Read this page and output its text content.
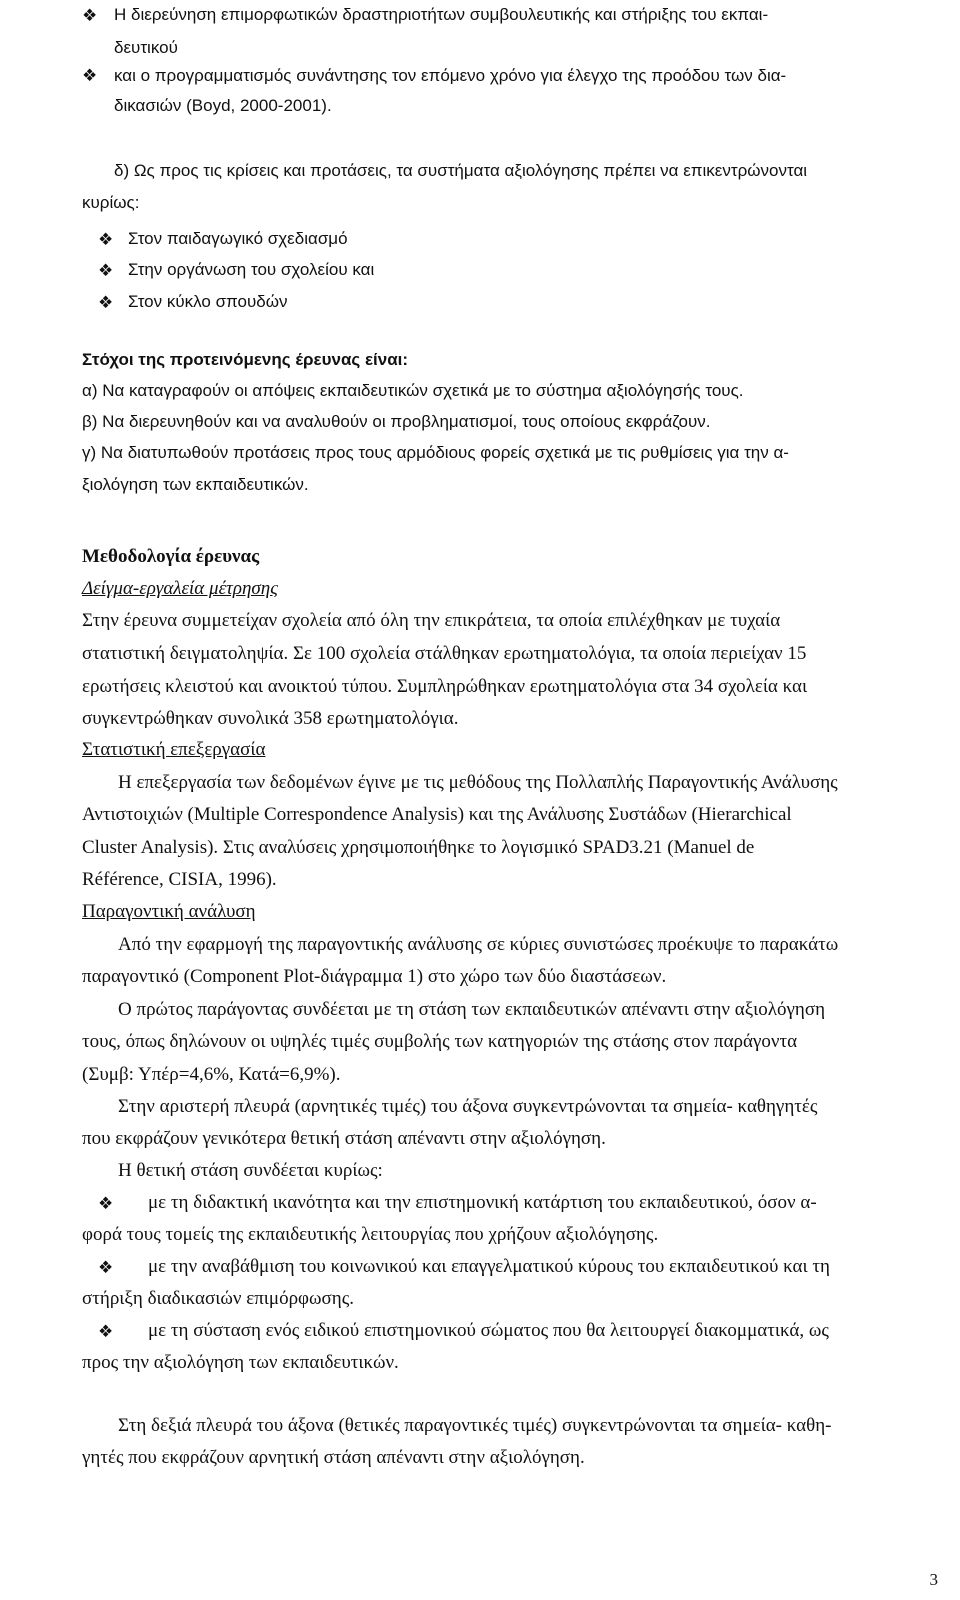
❖ Η διερεύνηση επιμορφωτικών δραστηριοτήτων συμβουλευτικής και στήριξης του εκπαι-
δευτικού
❖ και ο προγραμματισμός συνάντησης τον επόμενο χρόνο για έλεγχο της προόδου των δια-
δικασιών (Boyd, 2000-2001).
δ) Ως προς τις κρίσεις και προτάσεις, τα συστήματα αξιολόγησης πρέπει να επικεντρώνονται
κυρίως:
❖ Στον παιδαγωγικό σχεδιασμό
❖ Στην οργάνωση του σχολείου και
❖ Στον κύκλο σπουδών
Στόχοι της προτεινόμενης έρευνας είναι:
α) Να καταγραφούν οι απόψεις εκπαιδευτικών σχετικά με το σύστημα αξιολόγησής τους.
β) Να διερευνηθούν και να αναλυθούν οι προβληματισμοί, τους οποίους εκφράζουν.
γ) Να διατυπωθούν προτάσεις προς τους αρμόδιους φορείς σχετικά με τις ρυθμίσεις για την α-
ξιολόγηση των εκπαιδευτικών.
Μεθοδολογία έρευνας
Δείγμα-εργαλεία μέτρησης
Στην έρευνα συμμετείχαν σχολεία από όλη την επικράτεια, τα οποία επιλέχθηκαν με τυχαία
στατιστική δειγματοληψία. Σε 100 σχολεία στάλθηκαν ερωτηματολόγια, τα οποία περιείχαν 15
ερωτήσεις κλειστού και ανοικτού τύπου. Συμπληρώθηκαν ερωτηματολόγια στα 34 σχολεία και
συγκεντρώθηκαν συνολικά 358 ερωτηματολόγια.
Στατιστική επεξεργασία
Η επεξεργασία των δεδομένων έγινε με τις μεθόδους της Πολλαπλής Παραγοντικής Ανάλυσης
Αντιστοιχιών (Multiple Correspondence Analysis) και της Ανάλυσης Συστάδων (Hierarchical
Cluster Analysis). Στις αναλύσεις χρησιμοποιήθηκε το λογισμικό SPAD3.21 (Manuel de
Référence, CISIA, 1996).
Παραγοντική ανάλυση
Από την εφαρμογή της παραγοντικής ανάλυσης σε κύριες συνιστώσες προέκυψε το παρακάτω
παραγοντικό (Component Plot-διάγραμμα 1) στο χώρο των δύο διαστάσεων.
Ο πρώτος παράγοντας συνδέεται με τη στάση των εκπαιδευτικών απέναντι στην αξιολόγηση
τους, όπως δηλώνουν οι υψηλές τιμές συμβολής των κατηγοριών της στάσης στον παράγοντα
(Συμβ: Υπέρ=4,6%, Κατά=6,9%).
Στην αριστερή πλευρά (αρνητικές τιμές) του άξονα συγκεντρώνονται τα σημεία- καθηγητές
που εκφράζουν γενικότερα θετική στάση απέναντι στην αξιολόγηση.
Η θετική στάση συνδέεται κυρίως:
❖ με τη διδακτική ικανότητα και την επιστημονική κατάρτιση του εκπαιδευτικού, όσον α-
φορά τους τομείς της εκπαιδευτικής λειτουργίας που χρήζουν αξιολόγησης.
❖ με την αναβάθμιση του κοινωνικού και επαγγελματικού κύρους του εκπαιδευτικού και τη
στήριξη διαδικασιών επιμόρφωσης.
❖ με τη σύσταση ενός ειδικού επιστημονικού σώματος που θα λειτουργεί διακομματικά, ως
προς την αξιολόγηση των εκπαιδευτικών.
Στη δεξιά πλευρά του άξονα (θετικές παραγοντικές τιμές) συγκεντρώνονται τα σημεία- καθη-
γητές που εκφράζουν αρνητική στάση απέναντι στην αξιολόγηση.
3
